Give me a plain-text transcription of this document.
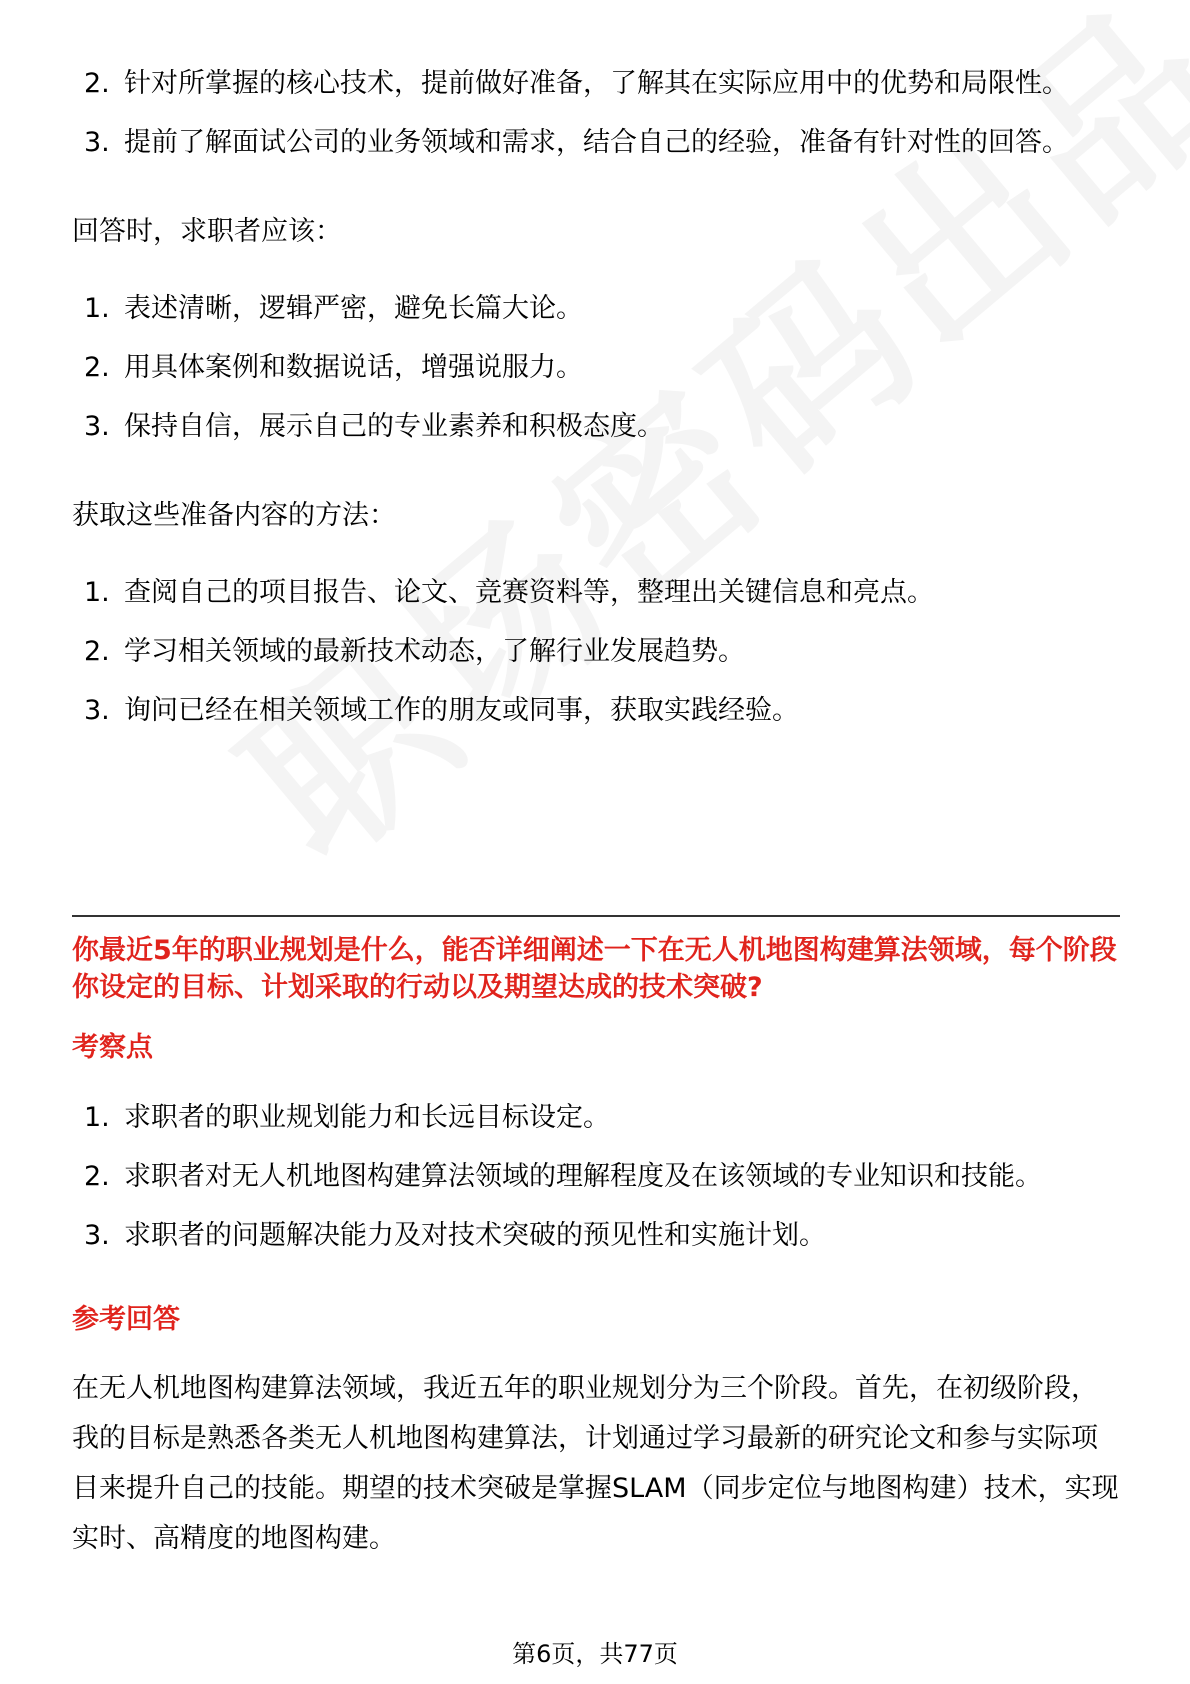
2. 针对所掌握的核心技术，提前做好准备，了解其在实际应用中的优势和局限性。
3. 提前了解面试公司的业务领域和需求，结合自己的经验，准备有针对性的回答。

回答时，求职者应该：

1. 表述清晰，逻辑严密，避免长篇大论。
2. 用具体案例和数据说话，增强说服力。
3. 保持自信，展示自己的专业素养和积极态度。

获取这些准备内容的方法：

1. 查阅自己的项目报告、论文、竞赛资料等，整理出关键信息和亮点。
2. 学习相关领域的最新技术动态，了解行业发展趋势。
3. 询问已经在相关领域工作的朋友或同事，获取实践经验。

你最近5年的职业规划是什么，能否详细阐述一下在无人机地图构建算法领域，每个阶段你设定的目标、计划采取的行动以及期望达成的技术突破?

考察点

1. 求职者的职业规划能力和长远目标设定。
2. 求职者对无人机地图构建算法领域的理解程度及在该领域的专业知识和技能。
3. 求职者的问题解决能力及对技术突破的预见性和实施计划。

参考回答

在无人机地图构建算法领域，我近五年的职业规划分为三个阶段。首先，在初级阶段，我的目标是熟悉各类无人机地图构建算法，计划通过学习最新的研究论文和参与实际项目来提升自己的技能。期望的技术突破是掌握SLAM（同步定位与地图构建）技术，实现实时、高精度的地图构建。

第6页，共77页
